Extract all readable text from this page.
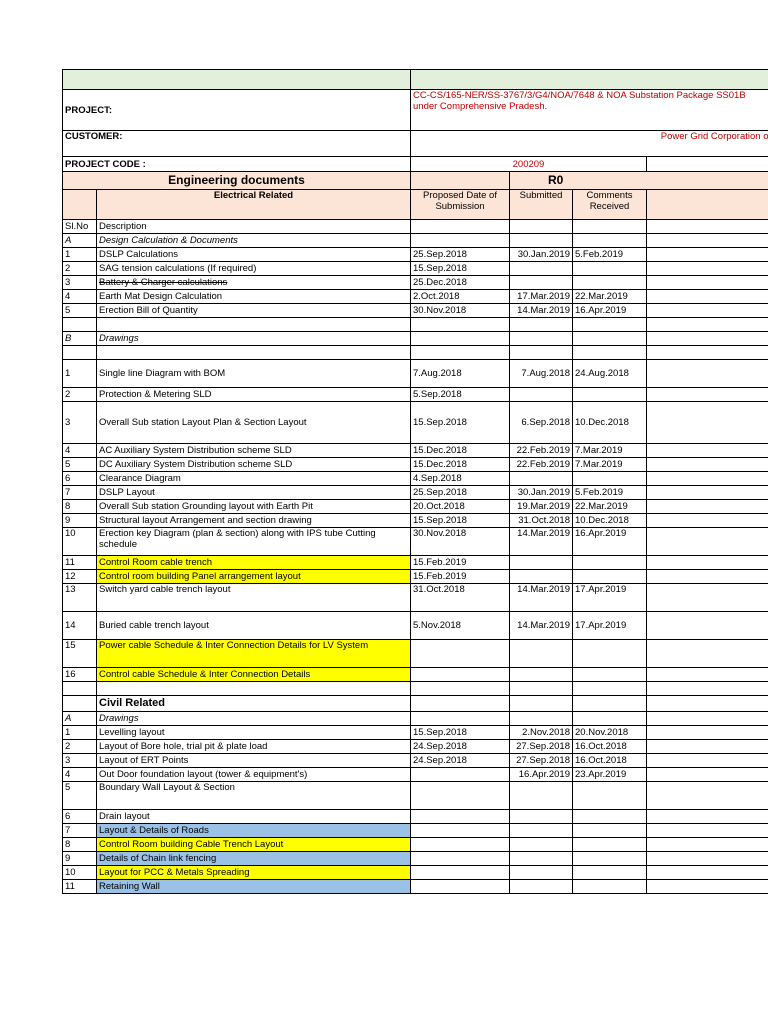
PROJECT:		CC-CS/165-NER/SS-3767/3/G4/NOA/7648 & NOA Substation Package SS01B under Comprehensive Pradesh.			
CUSTOMER:		Power Grid Corporation o			
PROJECT CODE :		200209			
Engineering documents			R0		
	Electrical Related	Proposed Date of Submission	Submitted	Comments Received	
Sl.No	Description				
A	Design Calculation & Documents				
1	DSLP Calculations	25.Sep.2018	30.Jan.2019	5.Feb.2019	
2	SAG tension calculations (If required)	15.Sep.2018			
3	Battery & Charger calculations	25.Dec.2018			
4	Earth Mat Design Calculation	2.Oct.2018	17.Mar.2019	22.Mar.2019	
5	Erection Bill of Quantity	30.Nov.2018	14.Mar.2019	16.Apr.2019	

B	Drawings				

1	Single line Diagram with BOM	7.Aug.2018	7.Aug.2018	24.Aug.2018	
2	Protection & Metering SLD	5.Sep.2018			
3	Overall Sub station Layout Plan & Section Layout	15.Sep.2018	6.Sep.2018	10.Dec.2018	
4	AC Auxiliary System Distribution scheme SLD	15.Dec.2018	22.Feb.2019	7.Mar.2019	
5	DC Auxiliary System Distribution scheme SLD	15.Dec.2018	22.Feb.2019	7.Mar.2019	
6	Clearance Diagram	4.Sep.2018			
7	DSLP Layout	25.Sep.2018	30.Jan.2019	5.Feb.2019	
8	Overall Sub station Grounding layout with Earth Pit	20.Oct.2018	19.Mar.2019	22.Mar.2019	
9	Structural layout Arrangement and section drawing	15.Sep.2018	31.Oct.2018	10.Dec.2018	
10	Erection key Diagram (plan & section) along with IPS tube Cutting schedule	30.Nov.2018	14.Mar.2019	16.Apr.2019	
11	Control Room cable trench	15.Feb.2019			
12	Control room building Panel arrangement layout	15.Feb.2019			
13	Switch yard cable trench layout	31.Oct.2018	14.Mar.2019	17.Apr.2019	
14	Buried cable trench layout	5.Nov.2018	14.Mar.2019	17.Apr.2019	
15	Power cable Schedule & Inter Connection Details for LV System				
16	Control cable Schedule & Inter Connection Details				

	Civil Related				
A	Drawings				
1	Levelling layout	15.Sep.2018	2.Nov.2018	20.Nov.2018	
2	Layout of Bore hole, trial pit & plate load	24.Sep.2018	27.Sep.2018	16.Oct.2018	
3	Layout of ERT Points	24.Sep.2018	27.Sep.2018	16.Oct.2018	
4	Out Door foundation layout (tower & equipment's)		16.Apr.2019	23.Apr.2019	
5	Boundary Wall Layout & Section				
6	Drain layout				
7	Layout & Details of Roads				
8	Control Room building Cable Trench Layout				
9	Details of Chain link fencing				
10	Layout for PCC & Metals Spreading				
11	Retaining Wall				
